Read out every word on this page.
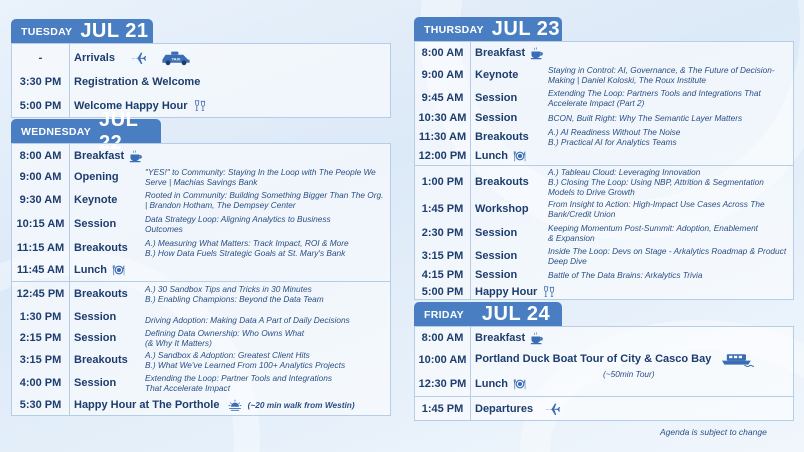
TUESDAY JUL 21
-	Arrivals
3:30 PM	Registration & Welcome
5:00 PM	Welcome Happy Hour
WEDNESDAY
JUL
8:00 AM	Breakfast
9:00 AM	Opening	"YES!" to Community: Staying In the Loop with The People We Serve | Machias Savings Bank
9:30 AM	Keynote	Rooted in Community: Building Something Bigger Than The Org. | Brandon Hotham, The Dempsey Center
10:15 AM Session	Data Strategy Loop: Aligning Analytics to Business Outcomes
11:15 AM Breakouts A.) Measuring What Matters: Track Impact, ROI & More
B.) How Data Fuels Strategic Goals at St. Mary's Bank
11:45 AM Lunch
12:45 PM Breakouts A.) 30 Sandbox Tips and Tricks in 30 Minutes
B.) Enabling Champions: Beyond the Data Team
1:30 PM	Session	Driving Adoption: Making Data A Part of Daily Decisions
2:15 PM	Session	Defining Data Ownership: Who Owns What
(& Why It Matters)
3:15 PM	Breakouts A.) Sandbox & Adoption: Greatest Client Hits
B.) What We've Learned From 100+ Analytics Projects
4:00 PM	Session	Extending the Loop: Partner Tools and Integrations That Accelerate Impact
5:30 PM	Happy Hour at The Porthole	(~20 min walk from Westin)
THURSDAY JUL 23
8:00 AM	Breakfast
9:00 AM	Keynote	Staying in Control: AI, Governance, & The Future of Decision-Making | Daniel Koloski, The Roux Institute
9:45 AM	Session	Extending The Loop: Partners Tools and Integrations That Accelerate Impact (Part 2)
10:30 AM Session	BCON, Built Right: Why The Semantic Layer Matters
11:30 AM Breakouts A.) AI Readiness Without The Noise
B.) Practical AI for Analytics Teams
12:00 PM Lunch
1:00 PM	Breakouts
A.) Tableau Cloud: Leveraging Innovation
B.) Closing The Loop: Using NBP, Attrition & Segmentation Models to Drive Growth
1:45 PM	Workshop From Insight to Action: High-Impact Use Cases Across The Bank/Credit Union
2:30 PM	Session	Keeping Momentum Post-Summit: Adoption, Enablement & Expansion
3:15 PM	Session	Inside The Loop: Devs on Stage - Arkalytics Roadmap & Product Deep Dive
4:15 PM	Session	Battle of The Data Brains: Arkalytics Trivia
5:00 PM	Happy Hour
FRIDAY JUL 24
8:00 AM	Breakfast
10:00 AM Portland Duck Boat Tour of City & Casco Bay
(~50min Tour)
12:30 PM Lunch
1:45 PM	Departures
Agenda is subject to change
